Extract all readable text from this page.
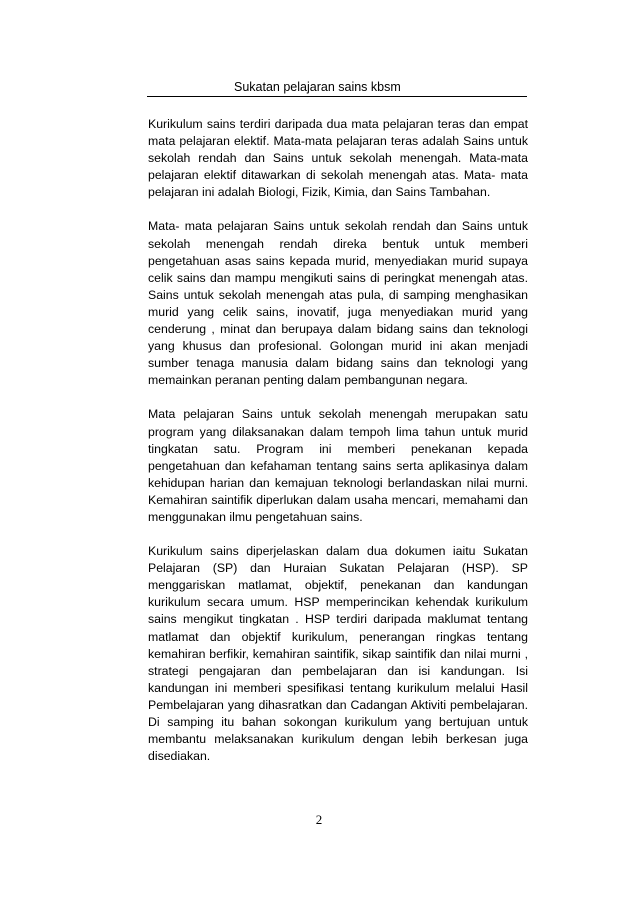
Sukatan pelajaran sains kbsm

Kurikulum sains terdiri daripada dua mata pelajaran teras dan empat mata pelajaran elektif. Mata-mata pelajaran teras adalah Sains untuk sekolah rendah dan Sains untuk sekolah menengah. Mata-mata pelajaran elektif ditawarkan di sekolah menengah atas. Mata- mata pelajaran ini adalah Biologi, Fizik, Kimia, dan Sains Tambahan.

Mata- mata pelajaran Sains untuk sekolah rendah dan Sains untuk sekolah menengah rendah direka bentuk untuk memberi pengetahuan asas sains kepada murid, menyediakan murid supaya celik sains dan mampu mengikuti sains di peringkat menengah atas. Sains untuk sekolah menengah atas pula, di samping menghasikan murid yang celik sains, inovatif, juga menyediakan murid yang cenderung , minat dan berupaya dalam bidang sains dan teknologi yang khusus dan profesional. Golongan murid ini akan menjadi sumber tenaga manusia dalam bidang sains dan teknologi yang memainkan peranan penting dalam pembangunan negara.

Mata pelajaran Sains untuk sekolah menengah merupakan satu program yang dilaksanakan dalam tempoh lima tahun untuk murid tingkatan satu. Program ini memberi penekanan kepada pengetahuan dan kefahaman tentang sains serta aplikasinya dalam kehidupan harian dan kemajuan teknologi berlandaskan nilai murni. Kemahiran saintifik diperlukan dalam usaha mencari, memahami dan menggunakan ilmu pengetahuan sains.

Kurikulum sains diperjelaskan dalam dua dokumen iaitu Sukatan Pelajaran (SP) dan Huraian Sukatan Pelajaran (HSP). SP menggariskan matlamat, objektif, penekanan dan kandungan kurikulum secara umum. HSP memperincikan kehendak kurikulum sains mengikut tingkatan . HSP terdiri daripada maklumat tentang matlamat dan objektif kurikulum, penerangan ringkas tentang kemahiran berfikir, kemahiran saintifik, sikap saintifik dan nilai murni , strategi pengajaran dan pembelajaran dan isi kandungan. Isi kandungan ini memberi spesifikasi tentang kurikulum melalui Hasil Pembelajaran yang dihasratkan dan Cadangan Aktiviti pembelajaran. Di samping itu bahan sokongan kurikulum yang bertujuan untuk membantu melaksanakan kurikulum dengan lebih berkesan juga disediakan.

2
